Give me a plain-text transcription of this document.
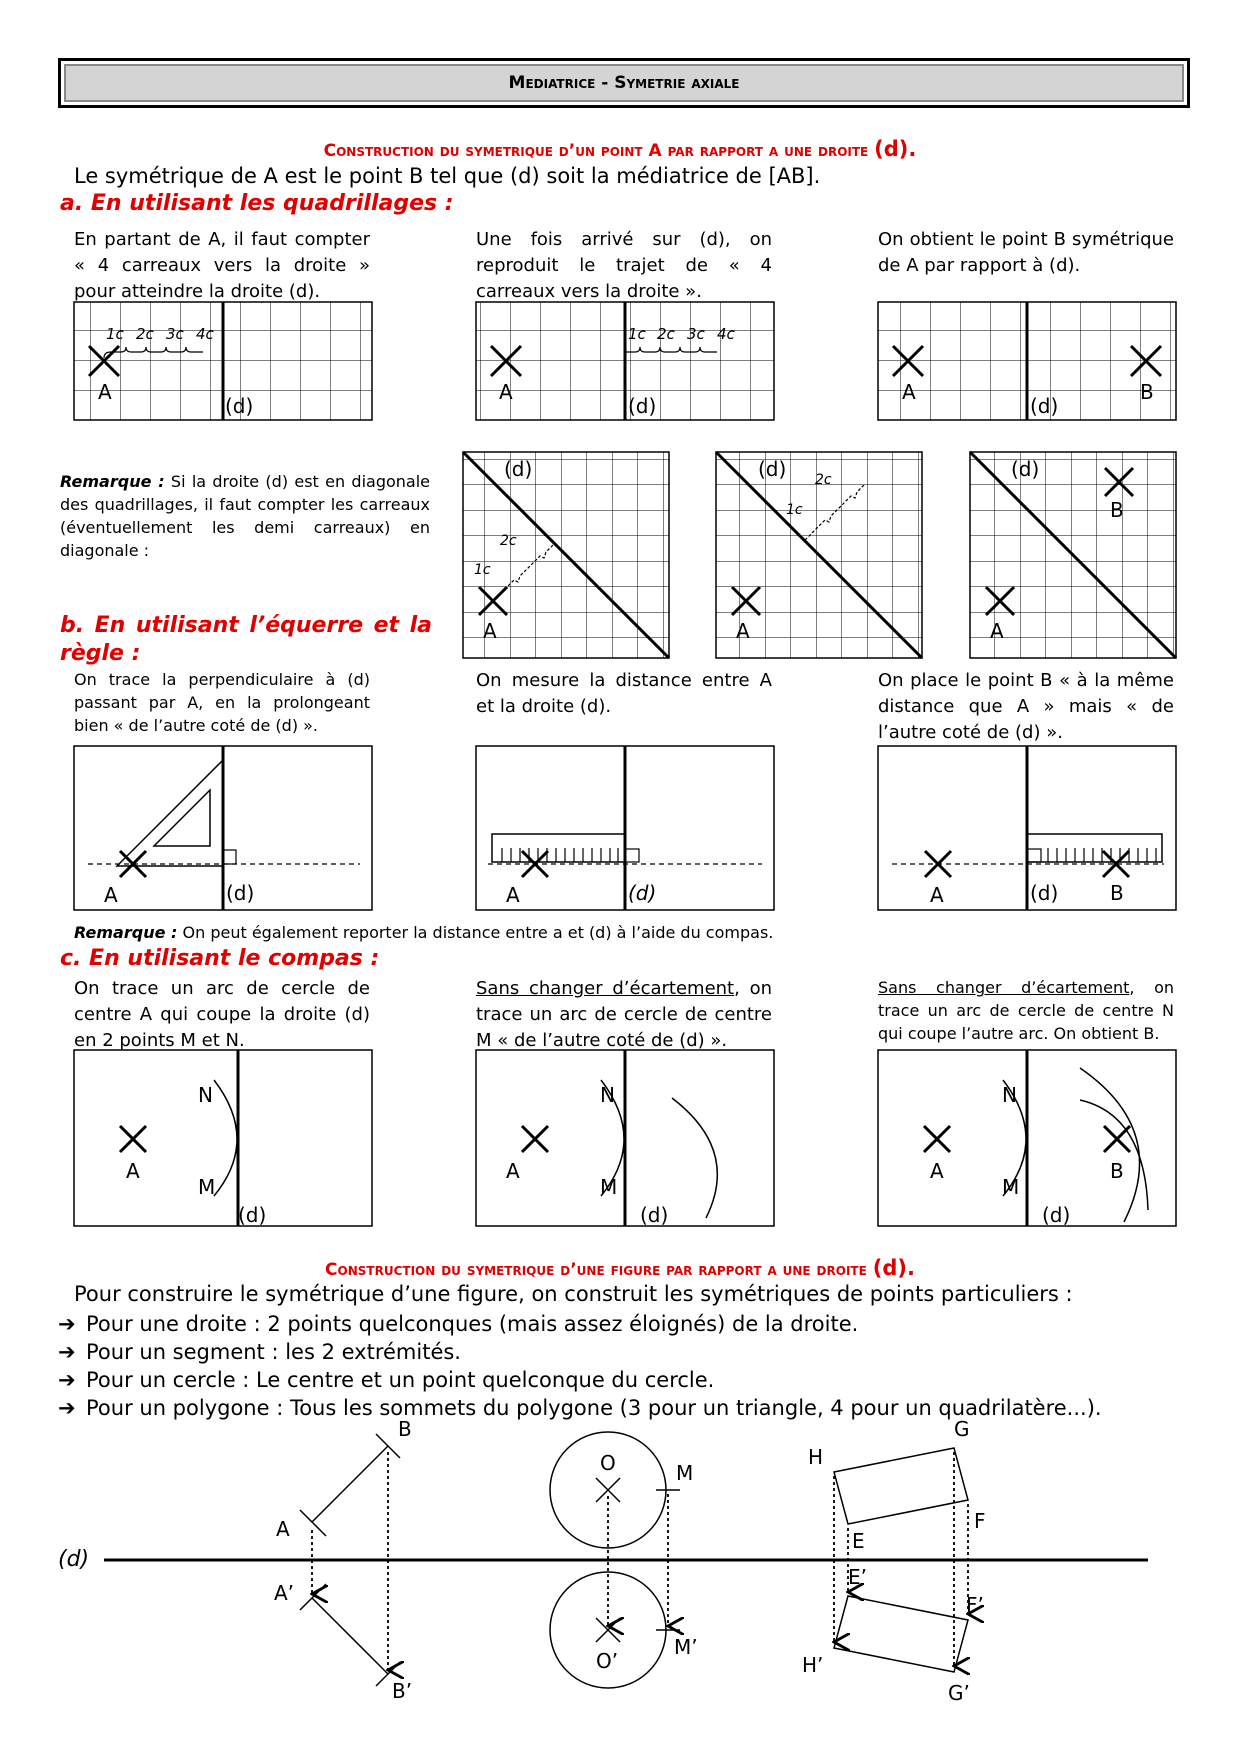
Mediatrice - Symetrie axiale
Construction du symetrique d’un point A par rapport a une droite (d).
Le symétrique de A est le point B tel que (d) soit la médiatrice de [AB].
a. En utilisant les quadrillages :
En partant de A, il faut compter « 4 carreaux vers la droite » pour atteindre la droite (d).
Une fois arrivé sur (d), on reproduit le trajet de « 4 carreaux vers la droite ».
On obtient le point B symétrique de A par rapport à (d).
1c 2c 3c 4c
A
(d)
1c 2c 3c 4c
A
(d)
A	B
(d)
(d)
1c
2c
A
(d)
1c
2c
A
(d)
B
A
A	(d)	A	(d)	A	(d)	B
N
M
A
(d)
N
M
A
(d)
N
M
A	B
(d)
(d)
A
B
A’
B’
O	M
O’
M’
G
H
F
E
E’
F’
H’
G’
Remarque : Si la droite (d) est en diagonale des quadrillages, il faut compter les carreaux (éventuellement les demi carreaux) en diagonale :
b. En utilisant l’équerre et la règle :
On trace la perpendiculaire à (d) passant par A, en la prolongeant bien « de l’autre coté de (d) ».
On mesure la distance entre A et la droite (d).
On place le point B « à la même distance que A » mais « de l’autre coté de (d) ».
Remarque : On peut également reporter la distance entre a et (d) à l’aide du compas.
c. En utilisant le compas :
On trace un arc de cercle de centre A qui coupe la droite (d) en 2 points M et N.
Sans changer d’écartement, on trace un arc de cercle de centre M « de l’autre coté de (d) ».
Sans changer d’écartement, on trace un arc de cercle de centre N qui coupe l’autre arc. On obtient B.
Construction du symetrique d’une figure par rapport a une droite (d).
Pour construire le symétrique d’une figure, on construit les symétriques de points particuliers :
➔ Pour une droite : 2 points quelconques (mais assez éloignés) de la droite.
➔ Pour un segment : les 2 extrémités.
➔ Pour un cercle : Le centre et un point quelconque du cercle.
➔ Pour un polygone : Tous les sommets du polygone (3 pour un triangle, 4 pour un quadrilatère...).
